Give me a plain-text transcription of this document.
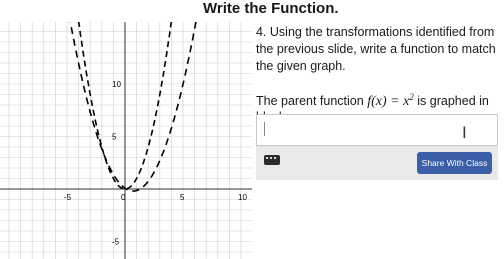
Write the Function.
-5	0	5	10
10
5
-5
4. Using the transformations identified from the previous slide, write a function to match the given graph.
The parent function $f(x) = x^2$ is graphed in
I
Share With Class
